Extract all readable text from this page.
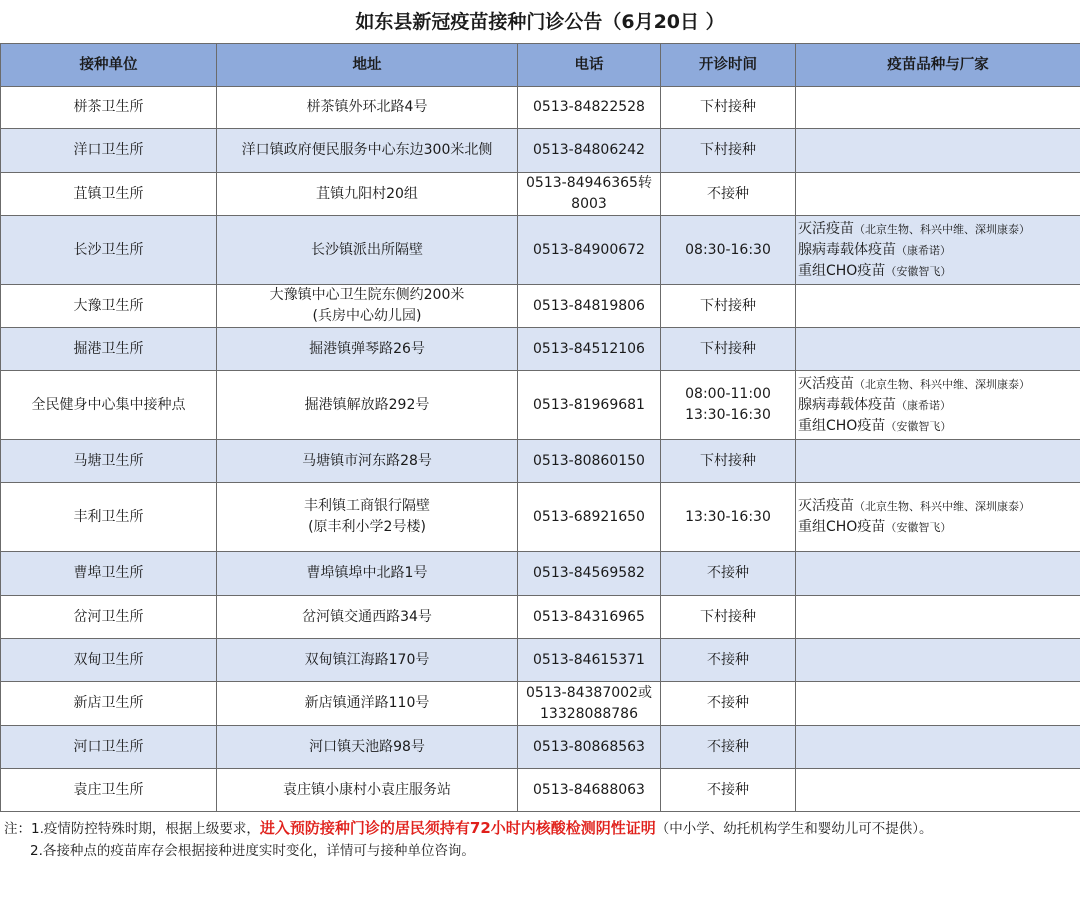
如东县新冠疫苗接种门诊公告（6月20日 ）
接种单位	地址	电话	开诊时间	疫苗品种与厂家
栟茶卫生所	栟茶镇外环北路4号	0513-84822528	下村接种	
洋口卫生所	洋口镇政府便民服务中心东边300米北侧	0513-84806242	下村接种	
苴镇卫生所	苴镇九阳村20组	0513-84946365转
8003	不接种	
长沙卫生所	长沙镇派出所隔壁	0513-84900672	08:30-16:30	灭活疫苗（北京生物、科兴中维、深圳康泰）
腺病毒载体疫苗（康希诺）
重组CHO疫苗（安徽智飞）
大豫卫生所	大豫镇中心卫生院东侧约200米
(兵房中心幼儿园)	0513-84819806	下村接种	
掘港卫生所	掘港镇弹琴路26号	0513-84512106	下村接种	
全民健身中心集中接种点	掘港镇解放路292号	0513-81969681	08:00-11:00
13:30-16:30	灭活疫苗（北京生物、科兴中维、深圳康泰）
腺病毒载体疫苗（康希诺）
重组CHO疫苗（安徽智飞）
马塘卫生所	马塘镇市河东路28号	0513-80860150	下村接种	
丰利卫生所	丰利镇工商银行隔壁
(原丰利小学2号楼)	0513-68921650	13:30-16:30	灭活疫苗（北京生物、科兴中维、深圳康泰）
重组CHO疫苗（安徽智飞）
曹埠卫生所	曹埠镇埠中北路1号	0513-84569582	不接种	
岔河卫生所	岔河镇交通西路34号	0513-84316965	下村接种	
双甸卫生所	双甸镇江海路170号	0513-84615371	不接种	
新店卫生所	新店镇通洋路110号	0513-84387002或
13328088786	不接种	
河口卫生所	河口镇天池路98号	0513-80868563	不接种	
袁庄卫生所	袁庄镇小康村小袁庄服务站	0513-84688063	不接种	
注：1.疫情防控特殊时期，根据上级要求，进入预防接种门诊的居民须持有72小时内核酸检测阴性证明（中小学、幼托机构学生和婴幼儿可不提供）。
2.各接种点的疫苗库存会根据接种进度实时变化，详情可与接种单位咨询。
